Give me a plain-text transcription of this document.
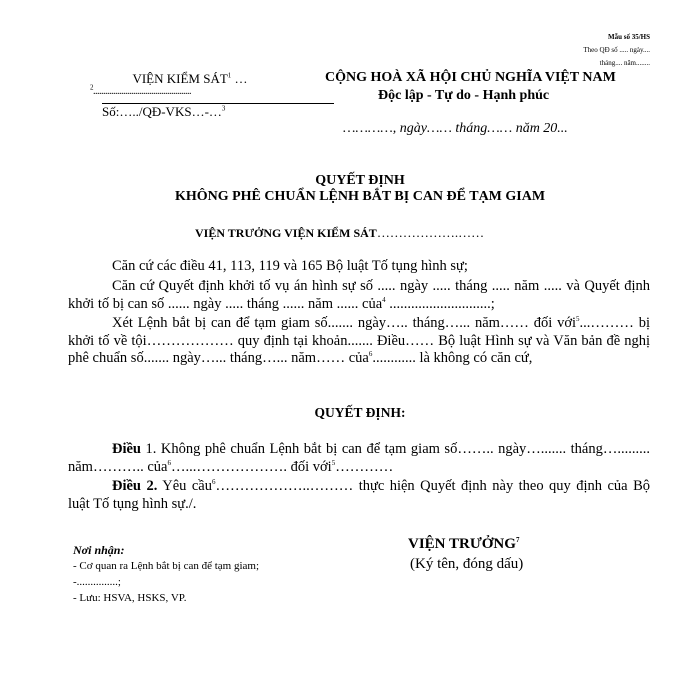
Mẫu số 35/HS
Theo QĐ số ..... ngày....
tháng.... năm........
VIỆN KIỂM SÁT$^1$ …
$^2$.................................................
Số:…../QĐ-VKS…-…$^3$
CỘNG HOÀ XÃ HỘI CHỦ NGHĨA VIỆT NAM
Độc lập - Tự do - Hạnh phúc
…………, ngày…… tháng…… năm 20...
QUYẾT ĐỊNH
KHÔNG PHÊ CHUẨN LỆNH BẮT BỊ CAN ĐỂ TẠM GIAM
VIỆN TRƯỞNG VIỆN KIỂM SÁT……………….……
Căn cứ các điều 41, 113, 119 và 165 Bộ luật Tố tụng hình sự;
Căn cứ Quyết định khởi tố vụ án hình sự số ..... ngày ..... tháng ..... năm ..... và Quyết định khởi tố bị can số ...... ngày ..... tháng ...... năm ...... của$^4$ ............................;
Xét Lệnh bắt bị can để tạm giam số....... ngày….. tháng…... năm…… đối với$^5$...……… bị khởi tố về tội……………… quy định tại khoản....... Điều…… Bộ luật Hình sự và Văn bản đề nghị phê chuẩn số....... ngày…... tháng…... năm…… của$^6$............ là không có căn cứ,
QUYẾT ĐỊNH:
Điều 1. Không phê chuẩn Lệnh bắt bị can để tạm giam số…….. ngày…....... tháng…......... năm……….. của$^6$…...………………. đối với$^5$…………
Điều 2. Yêu cầu$^6$………………..……… thực hiện Quyết định này theo quy định của Bộ luật Tố tụng hình sự./.
Nơi nhận:
- Cơ quan ra Lệnh bắt bị can để tạm giam;
-...............;
- Lưu: HSVA, HSKS, VP.
VIỆN TRƯỞNG$^7$
(Ký tên, đóng dấu)
